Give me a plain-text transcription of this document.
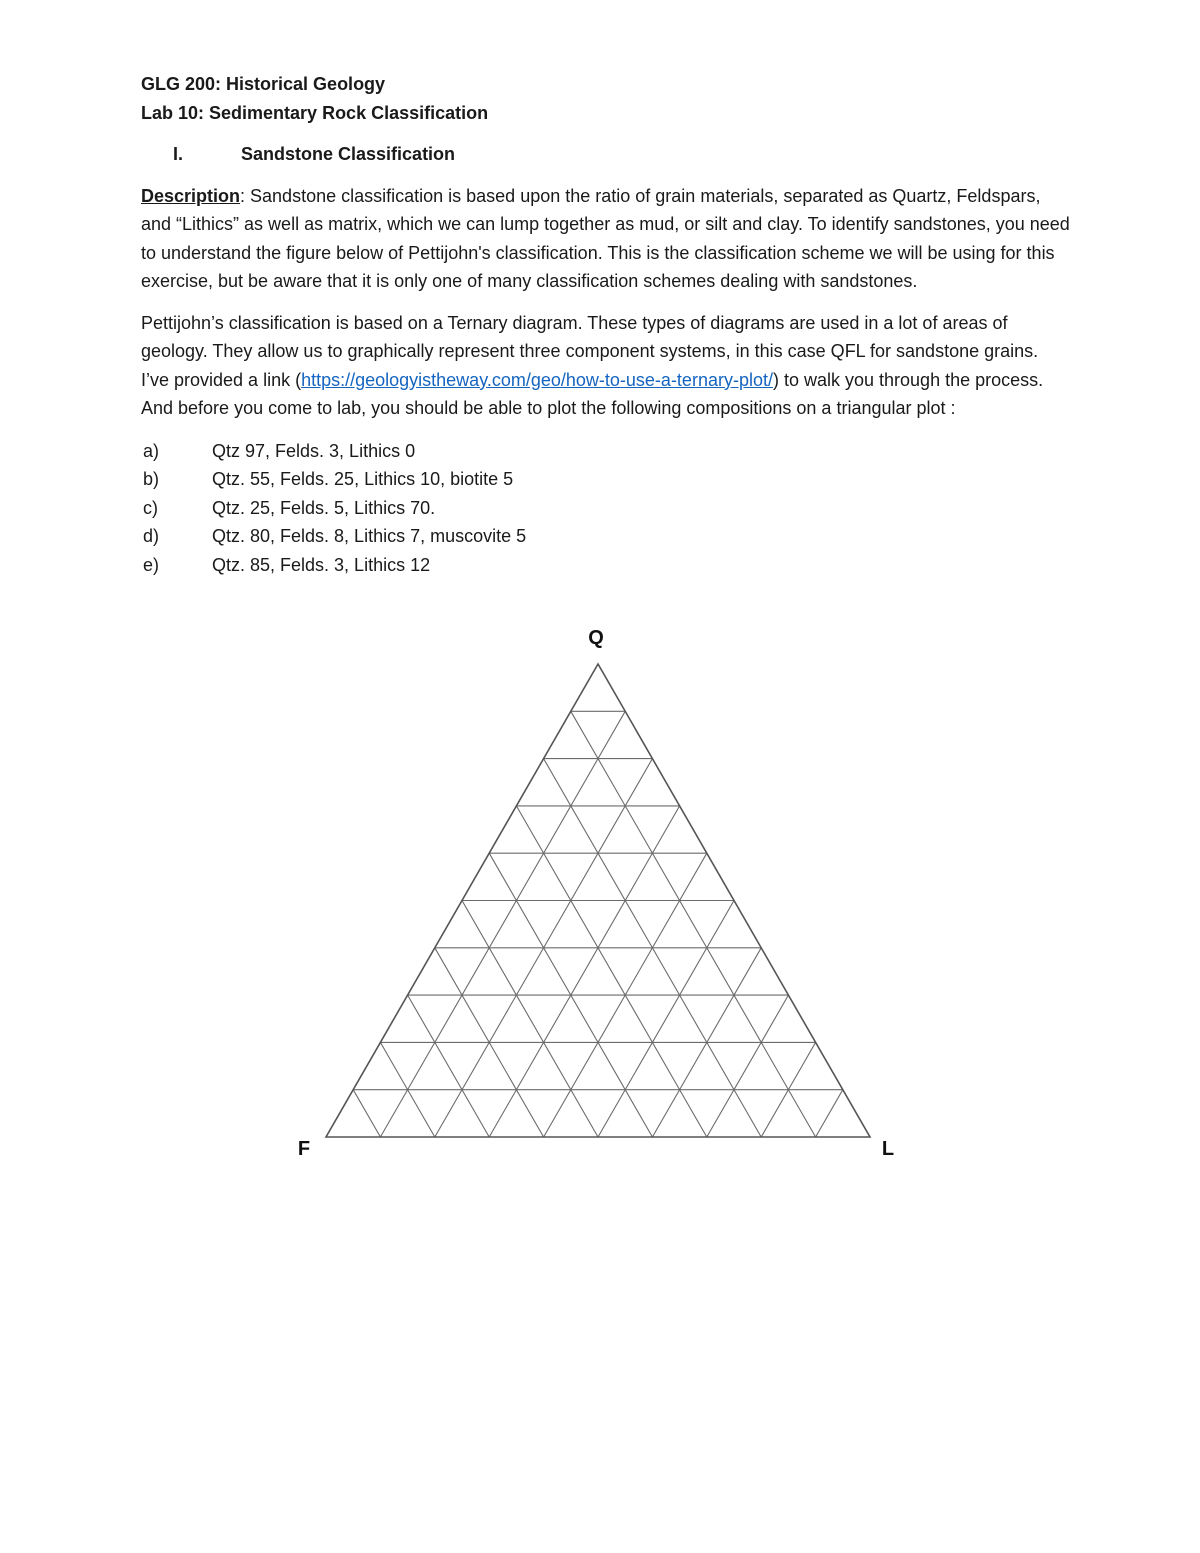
GLG 200: Historical Geology

Lab 10: Sedimentary Rock Classification

I.	Sandstone Classification

Description: Sandstone classification is based upon the ratio of grain materials, separated as Quartz, Feldspars, and “Lithics” as well as matrix, which we can lump together as mud, or silt and clay. To identify sandstones, you need to understand the figure below of Pettijohn's classification. This is the classification scheme we will be using for this exercise, but be aware that it is only one of many classification schemes dealing with sandstones.

Pettijohn’s classification is based on a Ternary diagram. These types of diagrams are used in a lot of areas of geology. They allow us to graphically represent three component systems, in this case QFL for sandstone grains. I’ve provided a link (https://geologyistheway.com/geo/how-to-use-a-ternary-plot/) to walk you through the process. And before you come to lab, you should be able to plot the following compositions on a triangular plot :

a)	Qtz 97, Felds. 3, Lithics 0
b)	Qtz. 55, Felds. 25, Lithics 10, biotite 5
c)	Qtz. 25, Felds. 5, Lithics 70.
d)	Qtz. 80, Felds. 8, Lithics 7, muscovite 5
e)	Qtz. 85, Felds. 3, Lithics 12
Q
F	L
